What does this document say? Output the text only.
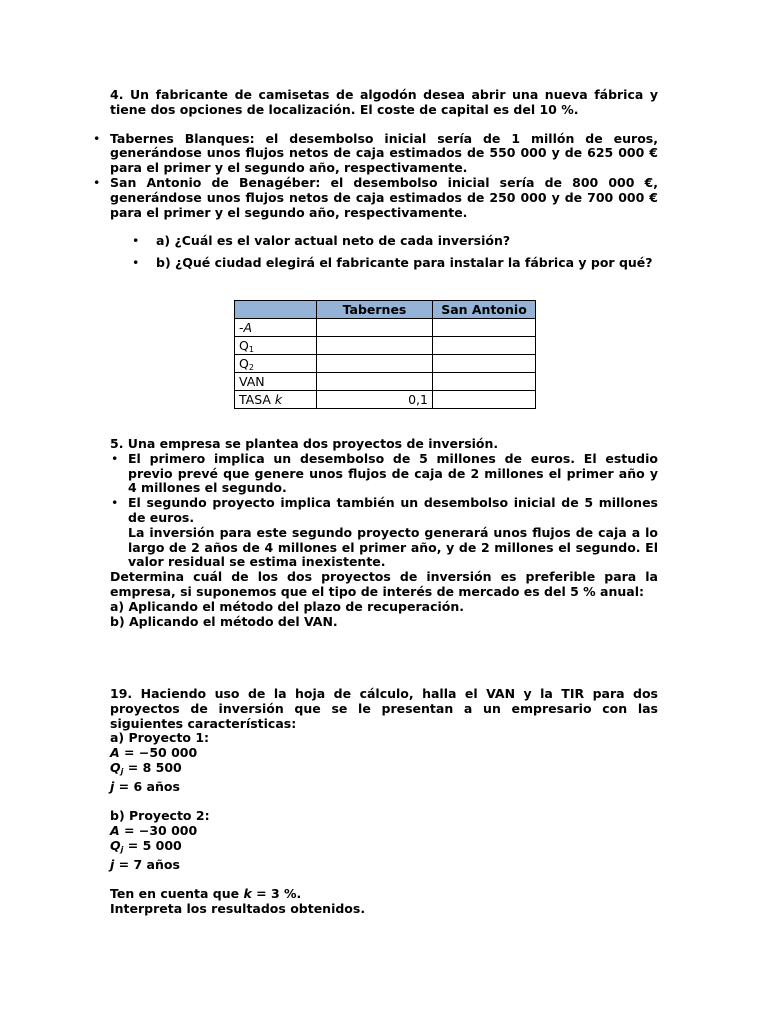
4. Un fabricante de camisetas de algodón desea abrir una nueva fábrica y tiene dos opciones de localización. El coste de capital es del 10 %.

• Tabernes Blanques: el desembolso inicial sería de 1 millón de euros, generándose unos flujos netos de caja estimados de 550 000 y de 625 000 € para el primer y el segundo año, respectivamente.
• San Antonio de Benagéber: el desembolso inicial sería de 800 000 €, generándose unos flujos netos de caja estimados de 250 000 y de 700 000 € para el primer y el segundo año, respectivamente.
• a) ¿Cuál es el valor actual neto de cada inversión?
• b) ¿Qué ciudad elegirá el fabricante para instalar la fábrica y por qué?
	Tabernes	San Antonio
-A		
$Q_1$		
$Q_2$		
VAN		
TASA k	0,1	

5. Una empresa se plantea dos proyectos de inversión.

• El primero implica un desembolso de 5 millones de euros. El estudio previo prevé que genere unos flujos de caja de 2 millones el primer año y 4 millones el segundo.
• El segundo proyecto implica también un desembolso inicial de 5 millones de euros.
La inversión para este segundo proyecto generará unos flujos de caja a lo largo de 2 años de 4 millones el primer año, y de 2 millones el segundo. El valor residual se estima inexistente.

Determina cuál de los dos proyectos de inversión es preferible para la empresa, si suponemos que el tipo de interés de mercado es del 5 % anual:

a) Aplicando el método del plazo de recuperación.

b) Aplicando el método del VAN.

19. Haciendo uso de la hoja de cálculo, halla el VAN y la TIR para dos proyectos de inversión que se le presentan a un empresario con las siguientes características:

a) Proyecto 1:

A = −50 000

$Q_j = 8$ 500

j = 6 años

b) Proyecto 2:

A = −30 000

$Q_j = 5$ 000

j = 7 años

Ten en cuenta que k = 3 %.

Interpreta los resultados obtenidos.
